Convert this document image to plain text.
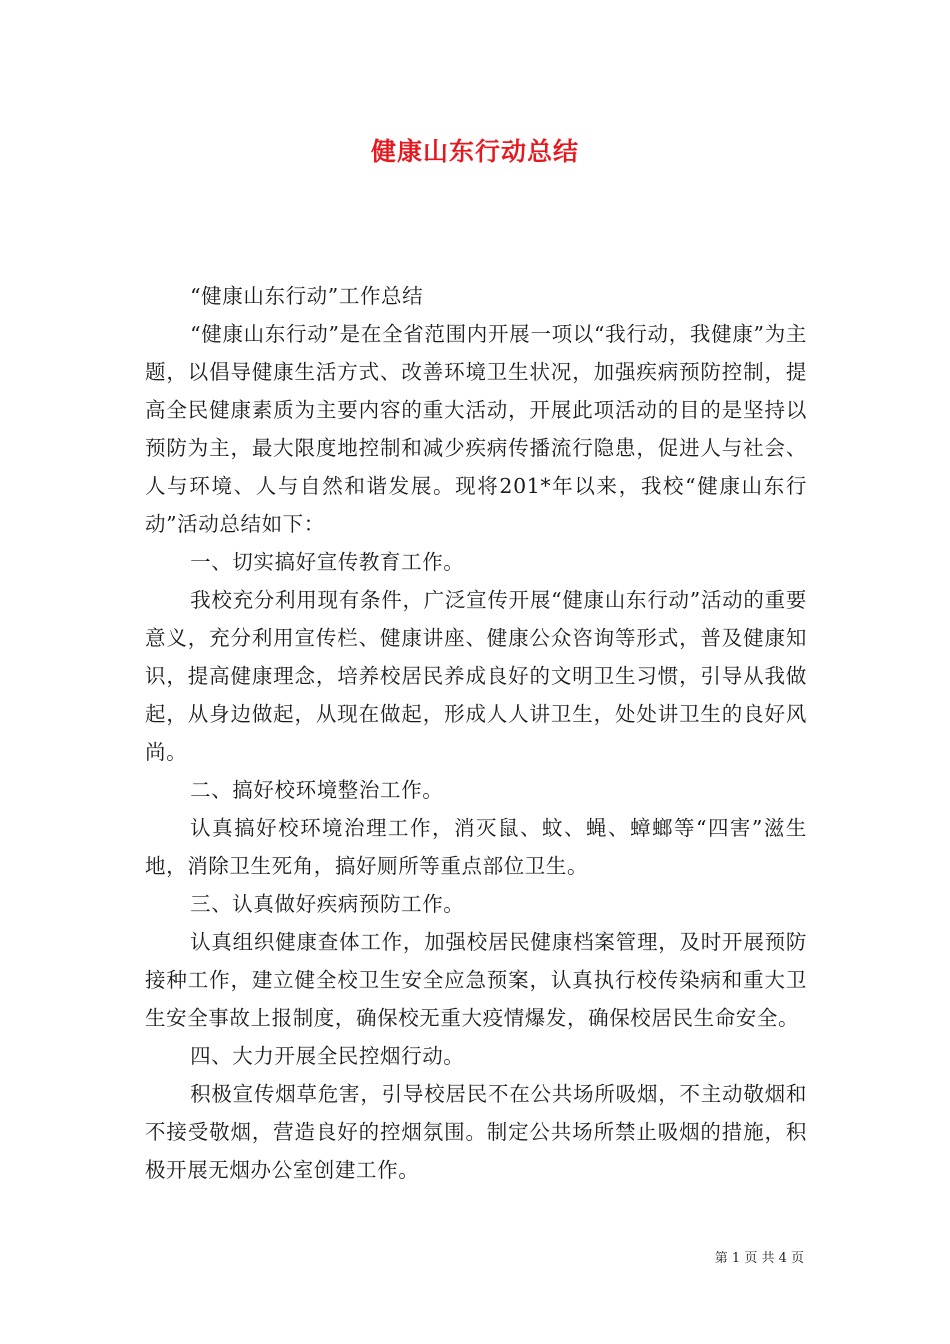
健康山东行动总结

“健康山东行动”工作总结

“健康山东行动”是在全省范围内开展一项以“我行动，我健康”为主题，以倡导健康生活方式、改善环境卫生状况，加强疾病预防控制，提高全民健康素质为主要内容的重大活动，开展此项活动的目的是坚持以预防为主，最大限度地控制和减少疾病传播流行隐患，促进人与社会、人与环境、人与自然和谐发展。现将201*年以来，我校“健康山东行动”活动总结如下：

一、切实搞好宣传教育工作。

我校充分利用现有条件，广泛宣传开展“健康山东行动”活动的重要意义，充分利用宣传栏、健康讲座、健康公众咨询等形式，普及健康知识，提高健康理念，培养校居民养成良好的文明卫生习惯，引导从我做起，从身边做起，从现在做起，形成人人讲卫生，处处讲卫生的良好风尚。

二、搞好校环境整治工作。

认真搞好校环境治理工作，消灭鼠、蚊、蝇、蟑螂等“四害”滋生地，消除卫生死角，搞好厕所等重点部位卫生。

三、认真做好疾病预防工作。

认真组织健康查体工作，加强校居民健康档案管理，及时开展预防接种工作，建立健全校卫生安全应急预案，认真执行校传染病和重大卫生安全事故上报制度，确保校无重大疫情爆发，确保校居民生命安全。

四、大力开展全民控烟行动。

积极宣传烟草危害，引导校居民不在公共场所吸烟，不主动敬烟和不接受敬烟，营造良好的控烟氛围。制定公共场所禁止吸烟的措施，积极开展无烟办公室创建工作。

第 1 页 共 4 页
